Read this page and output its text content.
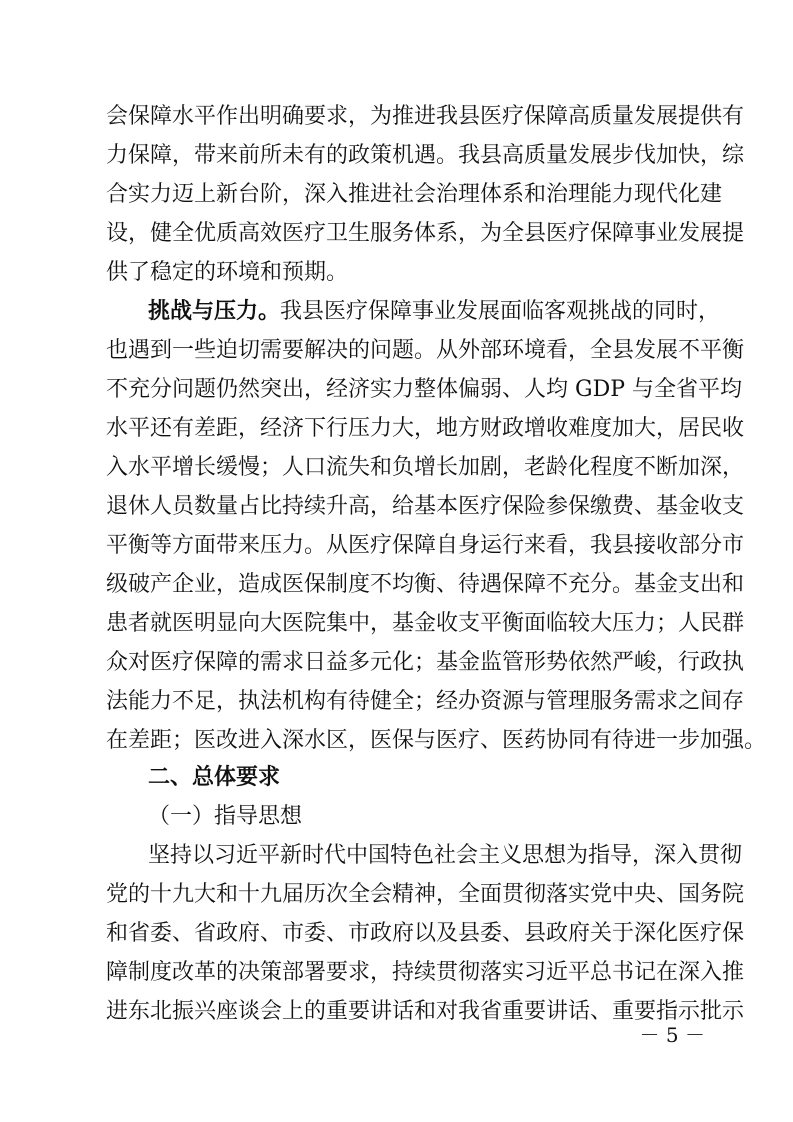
会保障水平作出明确要求，为推进我县医疗保障高质量发展提供有
力保障，带来前所未有的政策机遇。我县高质量发展步伐加快，综
合实力迈上新台阶，深入推进社会治理体系和治理能力现代化建
设，健全优质高效医疗卫生服务体系，为全县医疗保障事业发展提
供了稳定的环境和预期。
挑战与压力。我县医疗保障事业发展面临客观挑战的同时，
也遇到一些迫切需要解决的问题。从外部环境看，全县发展不平衡
不充分问题仍然突出，经济实力整体偏弱、人均 GDP 与全省平均
水平还有差距，经济下行压力大，地方财政增收难度加大，居民收
入水平增长缓慢；人口流失和负增长加剧，老龄化程度不断加深，
退休人员数量占比持续升高，给基本医疗保险参保缴费、基金收支
平衡等方面带来压力。从医疗保障自身运行来看，我县接收部分市
级破产企业，造成医保制度不均衡、待遇保障不充分。基金支出和
患者就医明显向大医院集中，基金收支平衡面临较大压力；人民群
众对医疗保障的需求日益多元化；基金监管形势依然严峻，行政执
法能力不足，执法机构有待健全；经办资源与管理服务需求之间存
在差距；医改进入深水区，医保与医疗、医药协同有待进一步加强。
二、总体要求
（一）指导思想
坚持以习近平新时代中国特色社会主义思想为指导，深入贯彻
党的十九大和十九届历次全会精神，全面贯彻落实党中央、国务院
和省委、省政府、市委、市政府以及县委、县政府关于深化医疗保
障制度改革的决策部署要求，持续贯彻落实习近平总书记在深入推
进东北振兴座谈会上的重要讲话和对我省重要讲话、重要指示批示
－ 5 －
